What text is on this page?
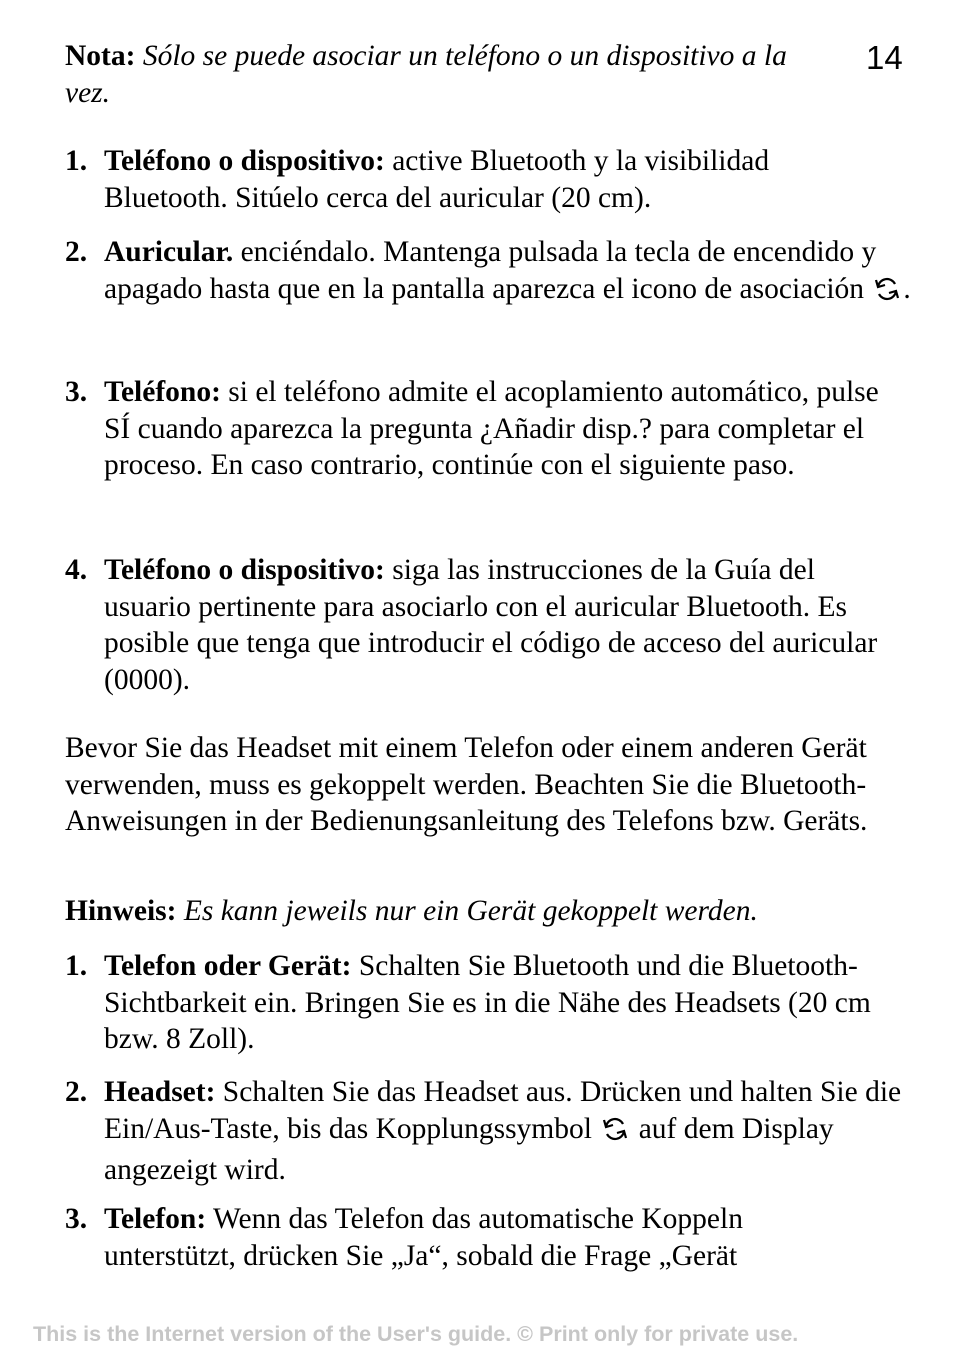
14

Nota: Sólo se puede asociar un teléfono o un dispositivo a la vez.

1. Teléfono o dispositivo: active Bluetooth y la visibilidad Bluetooth. Sitúelo cerca del auricular (20 cm).
2. Auricular. enciéndalo. Mantenga pulsada la tecla de encendido y apagado hasta que en la pantalla aparezca el icono de asociación .
3. Teléfono: si el teléfono admite el acoplamiento automático, pulse SÍ cuando aparezca la pregunta ¿Añadir disp.? para completar el proceso. En caso contrario, continúe con el siguiente paso.
4. Teléfono o dispositivo: siga las instrucciones de la Guía del usuario pertinente para asociarlo con el auricular Bluetooth. Es posible que tenga que introducir el código de acceso del auricular (0000).

Bevor Sie das Headset mit einem Telefon oder einem anderen Gerät verwenden, muss es gekoppelt werden. Beachten Sie die Bluetooth-Anweisungen in der Bedienungsanleitung des Telefons bzw. Geräts.

Hinweis: Es kann jeweils nur ein Gerät gekoppelt werden.

1. Telefon oder Gerät: Schalten Sie Bluetooth und die Bluetooth-Sichtbarkeit ein. Bringen Sie es in die Nähe des Headsets (20 cm bzw. 8 Zoll).
2. Headset: Schalten Sie das Headset aus. Drücken und halten Sie die Ein/Aus-Taste, bis das Kopplungssymbol auf dem Display angezeigt wird.
3. Telefon: Wenn das Telefon das automatische Koppeln unterstützt, drücken Sie „Ja“, sobald die Frage „Gerät
This is the Internet version of the User's guide. © Print only for private use.
